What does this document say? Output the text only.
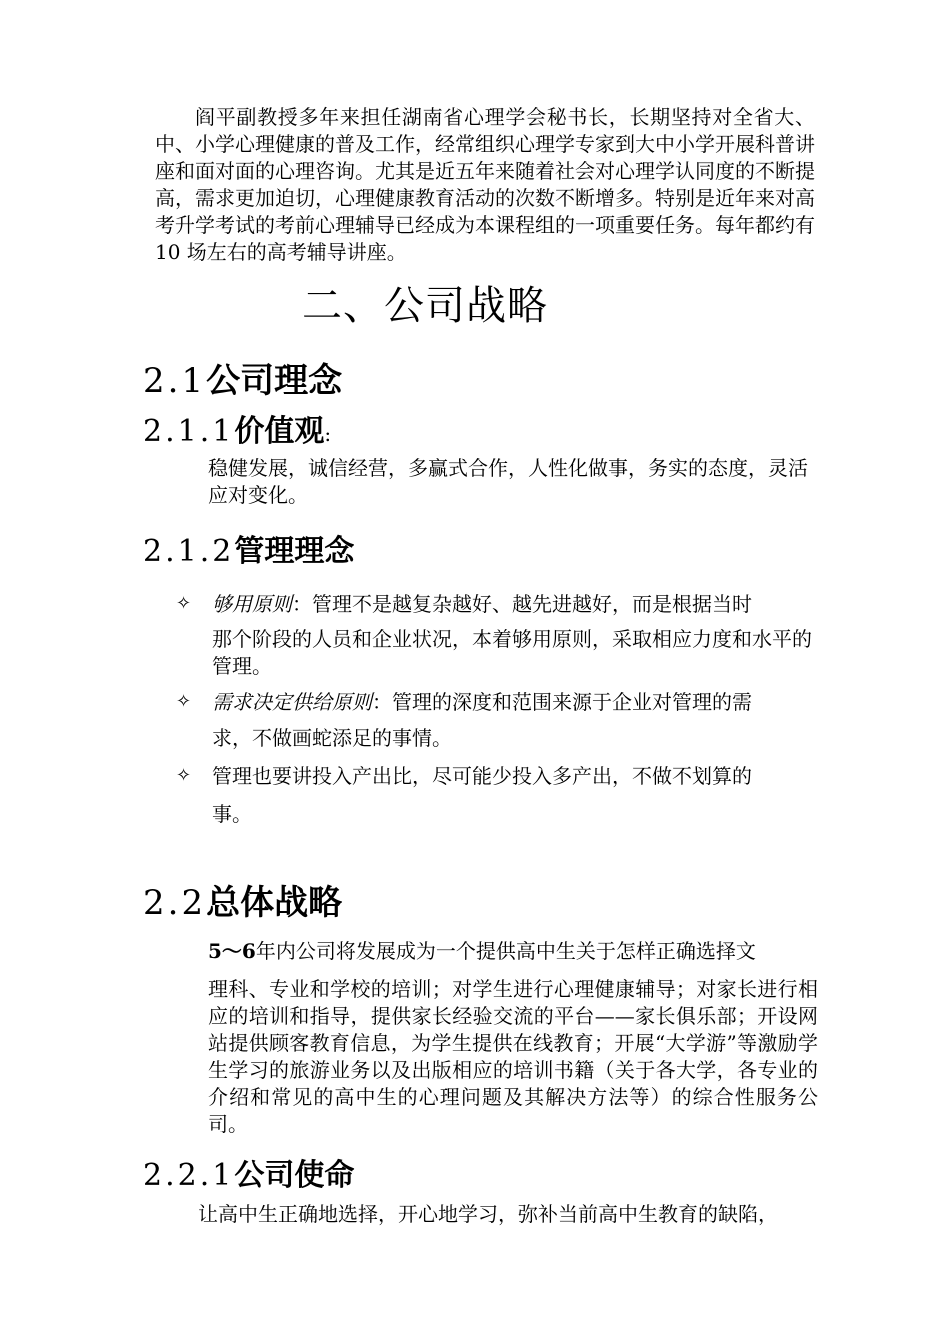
阎平副教授多年来担任湖南省心理学会秘书长，长期坚持对全省大、中、小学心理健康的普及工作，经常组织心理学专家到大中小学开展科普讲座和面对面的心理咨询。尤其是近五年来随着社会对心理学认同度的不断提高，需求更加迫切，心理健康教育活动的次数不断增多。特别是近年来对高考升学考试的考前心理辅导已经成为本课程组的一项重要任务。每年都约有 10 场左右的高考辅导讲座。

二、公司战略
2.1公司理念
2.1.1价值观:

稳健发展，诚信经营，多赢式合作，人性化做事，务实的态度，灵活应对变化。

2.1.2管理理念
✧ 够用原则：管理不是越复杂越好、越先进越好，而是根据当时
那个阶段的人员和企业状况，本着够用原则，采取相应力度和水平的管理。
✧ 需求决定供给原则：管理的深度和范围来源于企业对管理的需
求，不做画蛇添足的事情。
✧ 管理也要讲投入产出比，尽可能少投入多产出，不做不划算的
事。
2.2总体战略
5～6年内公司将发展成为一个提供高中生关于怎样正确选择文
理科、专业和学校的培训；对学生进行心理健康辅导；对家长进行相应的培训和指导，提供家长经验交流的平台——家长俱乐部；开设网站提供顾客教育信息，为学生提供在线教育；开展“大学游”等激励学生学习的旅游业务以及出版相应的培训书籍（关于各大学，各专业的介绍和常见的高中生的心理问题及其解决方法等）的综合性服务公司。
2.2.1公司使命

让高中生正确地选择，开心地学习，弥补当前高中生教育的缺陷，
